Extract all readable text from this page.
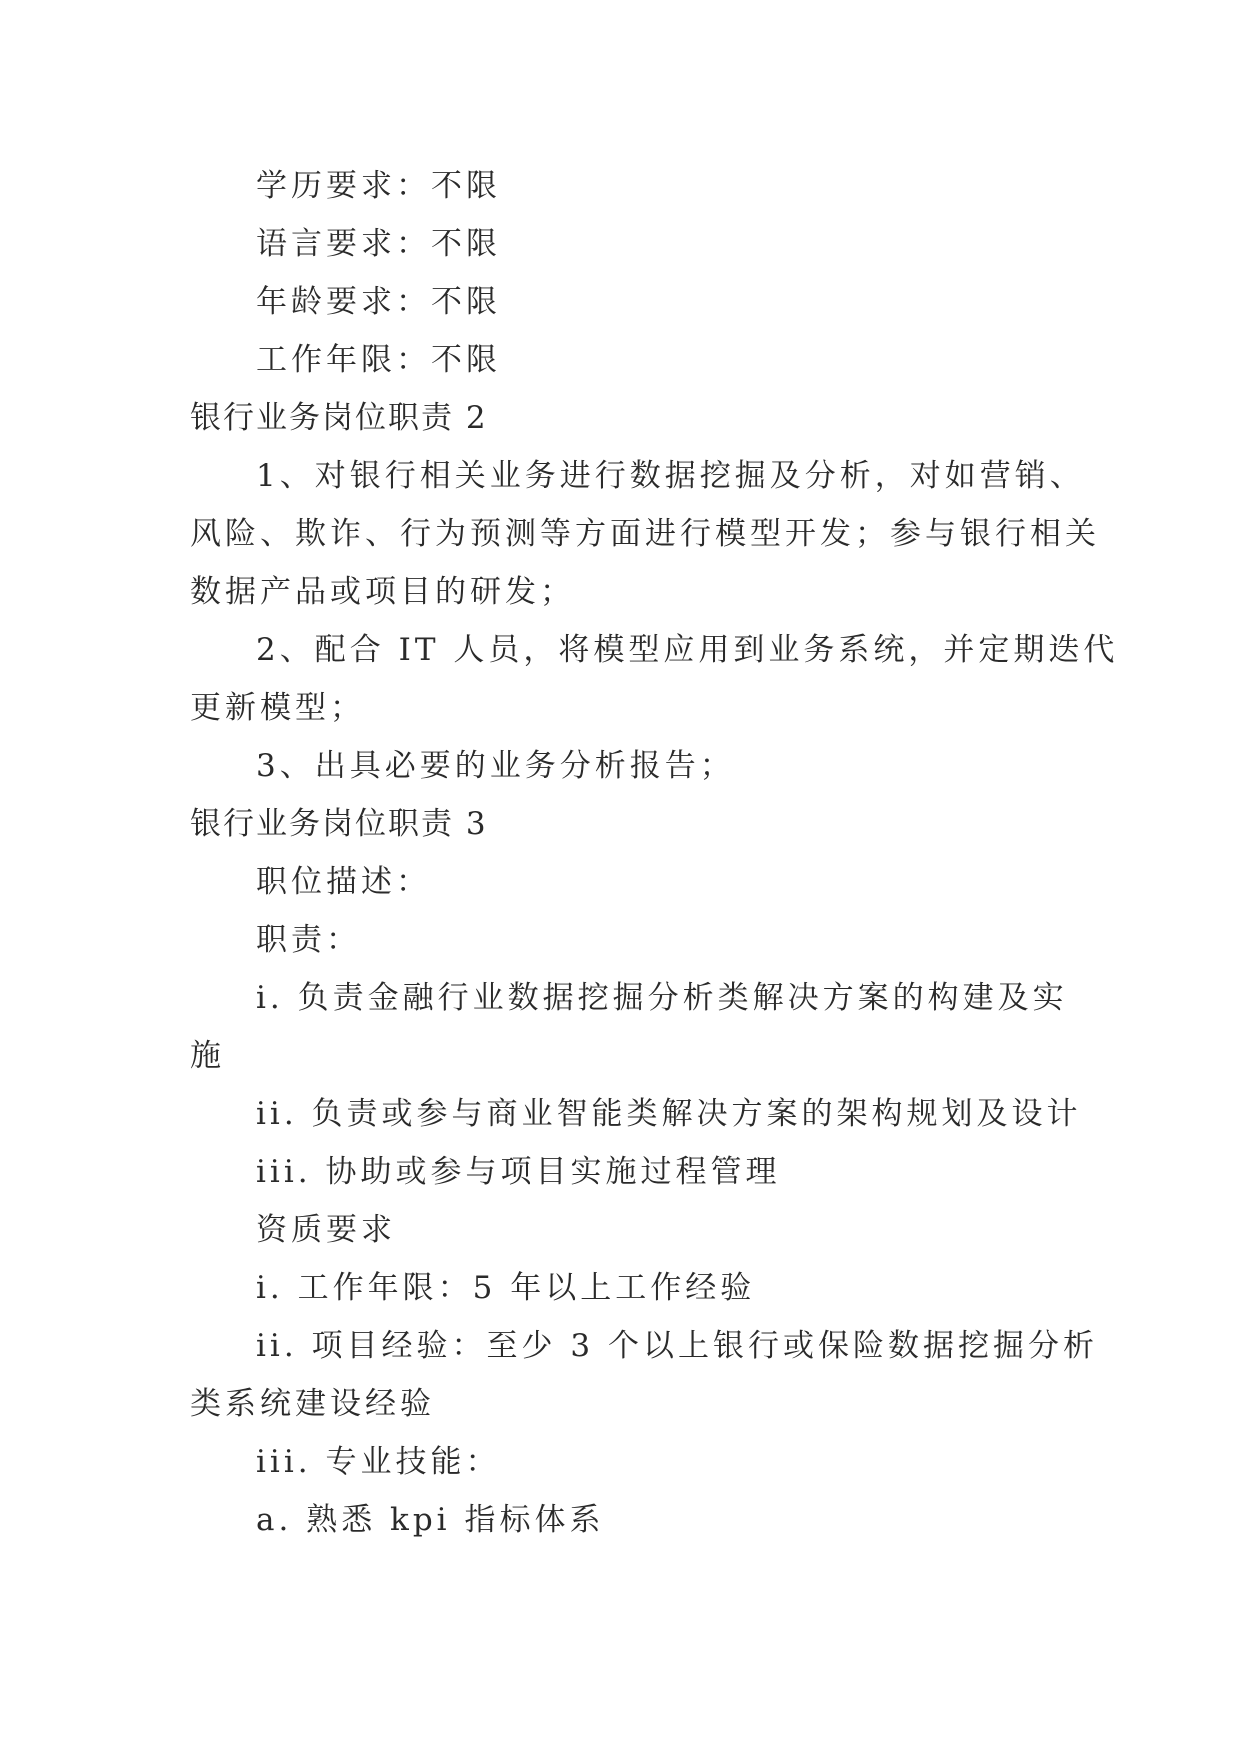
学历要求：不限

语言要求：不限

年龄要求：不限

工作年限：不限

银行业务岗位职责 2

1、对银行相关业务进行数据挖掘及分析，对如营销、

风险、欺诈、行为预测等方面进行模型开发；参与银行相关

数据产品或项目的研发；

2、配合 IT 人员，将模型应用到业务系统，并定期迭代

更新模型；

3、出具必要的业务分析报告；

银行业务岗位职责 3

职位描述：

职责：

i. 负责金融行业数据挖掘分析类解决方案的构建及实

施

ii. 负责或参与商业智能类解决方案的架构规划及设计

iii. 协助或参与项目实施过程管理

资质要求

i. 工作年限：5 年以上工作经验

ii. 项目经验：至少 3 个以上银行或保险数据挖掘分析

类系统建设经验

iii. 专业技能：

a. 熟悉 kpi 指标体系
